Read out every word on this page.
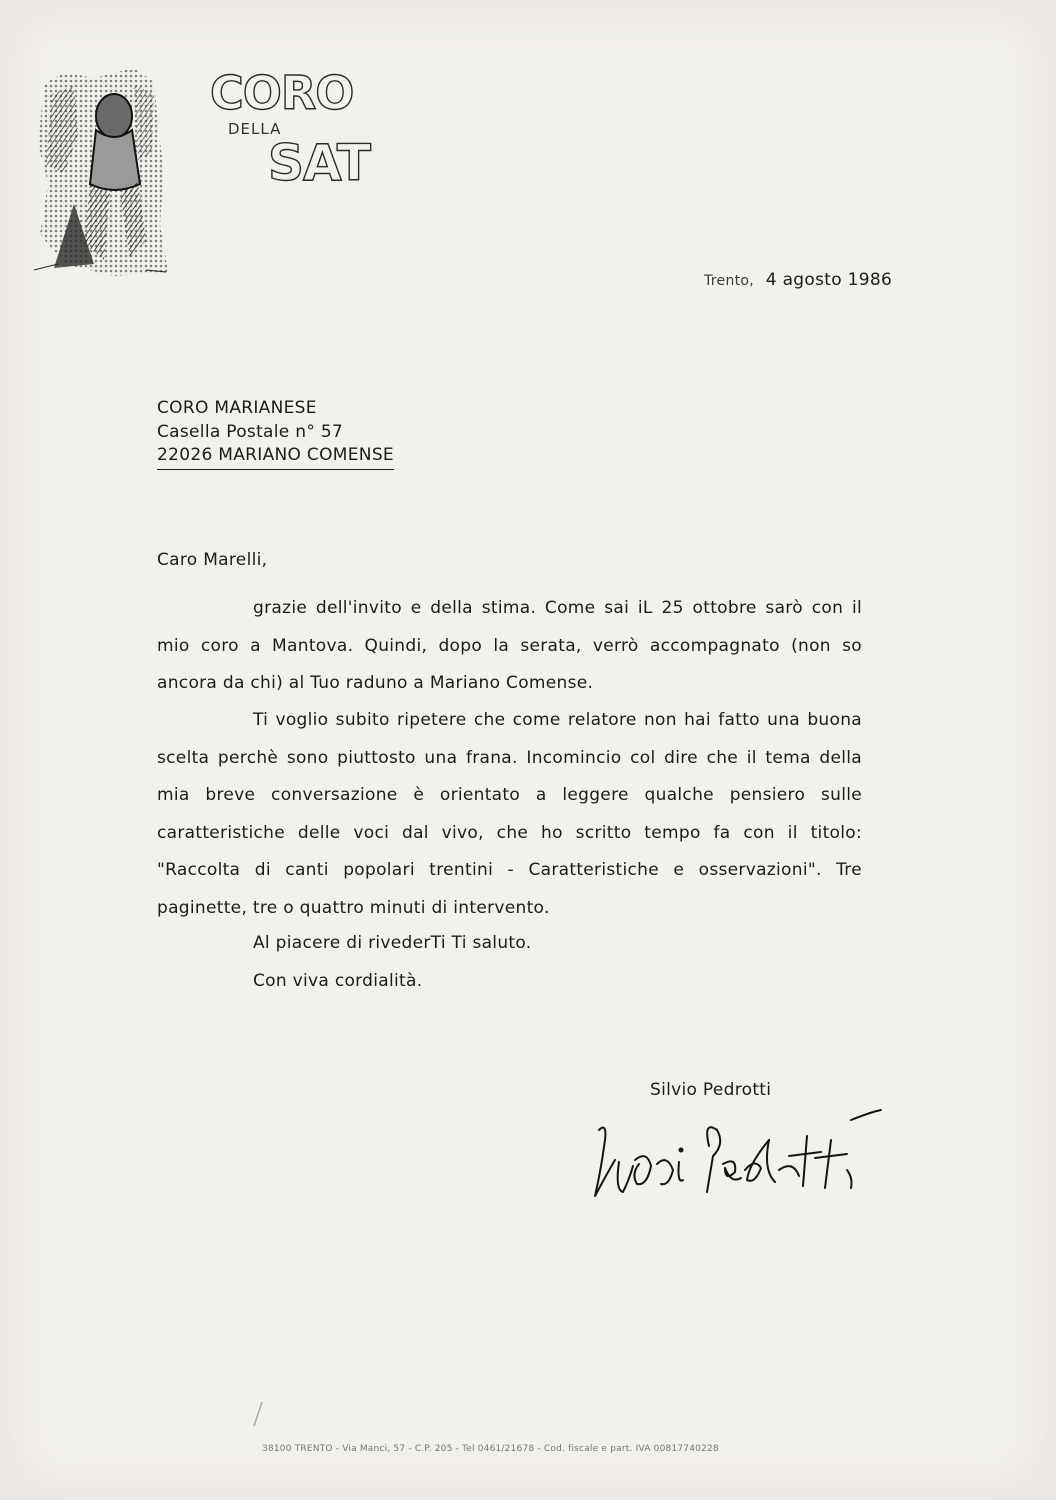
CORO
DELLA
SAT
Trento, 4 agosto 1986
CORO MARIANESE
Casella Postale n° 57
22026 MARIANO COMENSE
Caro Marelli,
grazie dell'invito e della stima. Come sai iL 25 ottobre sarò con il mio coro a Mantova. Quindi, dopo la serata, verrò accompagnato (non so ancora da chi) al Tuo raduno a Mariano Comense.
Ti voglio subito ripetere che come relatore non hai fatto una buona scelta perchè sono piuttosto una frana. Incomincio col dire che il tema della mia breve conversazione è orientato a leggere qualche pensiero sulle caratteristiche delle voci dal vivo, che ho scritto tempo fa con il titolo: "Raccolta di canti popolari trentini - Caratteristiche e osservazioni". Tre paginette, tre o quattro minuti di intervento.
Al piacere di rivederTi Ti saluto.
Con viva cordialità.
Silvio Pedrotti
38100 TRENTO - Via Manci, 57 - C.P. 205 - Tel 0461/21678 - Cod. fiscale e part. IVA 00817740228
